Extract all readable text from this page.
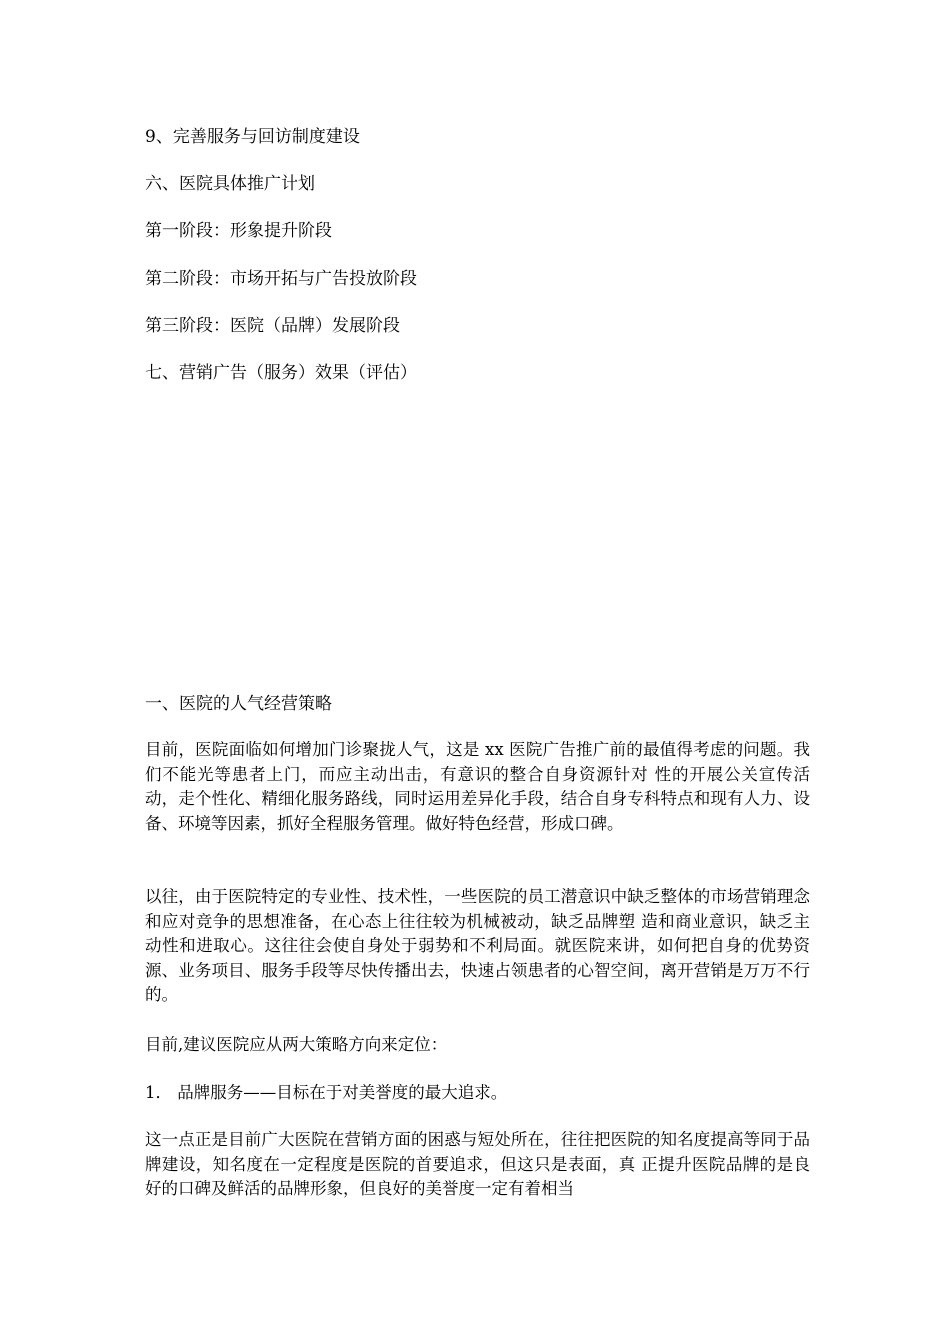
9、完善服务与回访制度建设

六、医院具体推广计划

第一阶段：形象提升阶段

第二阶段：市场开拓与广告投放阶段

第三阶段：医院（品牌）发展阶段

七、营销广告（服务）效果（评估）

一、医院的人气经营策略

目前，医院面临如何增加门诊聚拢人气，这是 xx 医院广告推广前的最值得考虑的问题。我们不能光等患者上门，而应主动出击，有意识的整合自身资源针对 性的开展公关宣传活动，走个性化、精细化服务路线，同时运用差异化手段，结合自身专科特点和现有人力、设备、环境等因素，抓好全程服务管理。做好特色经营，形成口碑。

以往，由于医院特定的专业性、技术性，一些医院的员工潜意识中缺乏整体的市场营销理念和应对竞争的思想准备，在心态上往往较为机械被动，缺乏品牌塑 造和商业意识，缺乏主动性和进取心。这往往会使自身处于弱势和不利局面。就医院来讲，如何把自身的优势资源、业务项目、服务手段等尽快传播出去，快速占领患者的心智空间，离开营销是万万不行的。

目前,建议医院应从两大策略方向来定位：

1． 品牌服务——目标在于对美誉度的最大追求。

这一点正是目前广大医院在营销方面的困惑与短处所在，往往把医院的知名度提高等同于品牌建设，知名度在一定程度是医院的首要追求，但这只是表面，真 正提升医院品牌的是良好的口碑及鲜活的品牌形象，但良好的美誉度一定有着相当
